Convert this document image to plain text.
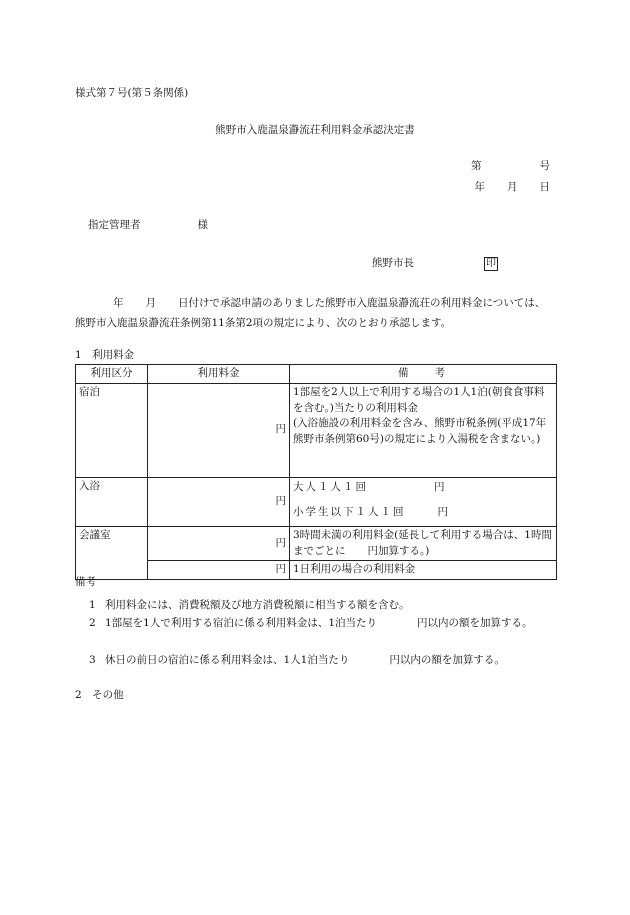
様式第７号(第５条関係)
熊野市入鹿温泉瀞流荘利用料金承認決定書
第	号
年 月 日
指定管理者	様
熊野市長	印
年 月 日付けで承認申請のありました熊野市入鹿温泉瀞流荘の利用料金については、熊野市入鹿温泉瀞流荘条例第11条第2項の規定により、次のとおり承認します。
1　利用料金
利用区分	利用料金	備考
宿泊	円	1部屋を2人以上で利用する場合の1人1泊(朝食食事料を含む。)当たりの利用料金
(入浴施設の利用料金を含み、熊野市税条例(平成17年熊野市条例第60号)の規定により入湯税を含まない。)

入浴	円	大人１人１回 円
小学生以下１人１回 円

会議室	円	3時間未満の利用料金(延長して利用する場合は、1時間までごとに 円加算する。)
	円	1日利用の場合の利用料金
備考
1 利用料金には、消費税額及び地方消費税額に相当する額を含む。
2 1部屋を1人で利用する宿泊に係る利用料金は、1泊当たり	円以内の額を加算する。
3 休日の前日の宿泊に係る利用料金は、1人1泊当たり	円以内の額を加算する。
2　その他
